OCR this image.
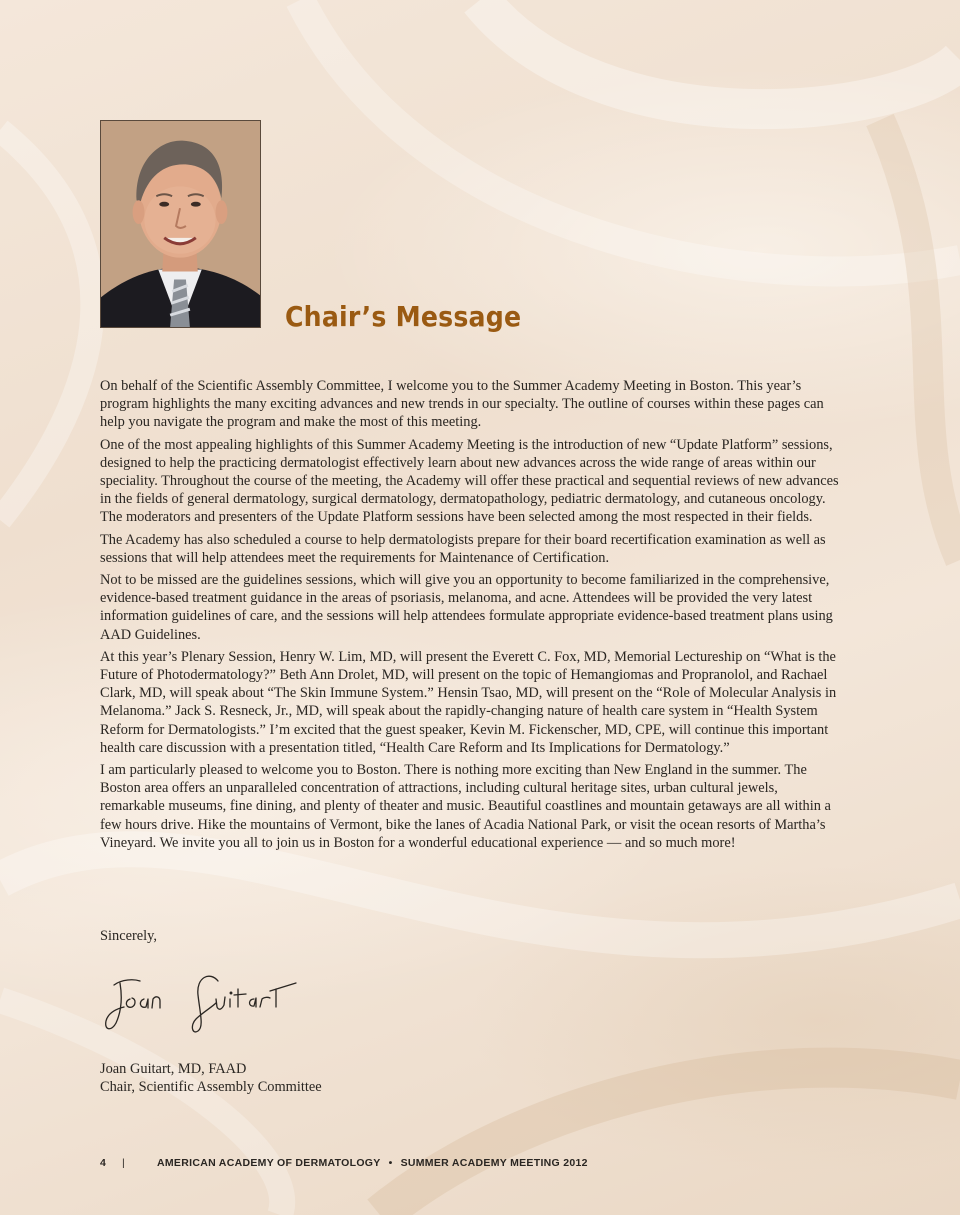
Chair’s Message

On behalf of the Scientific Assembly Committee, I welcome you to the Summer Academy Meeting in Boston. This year’s program highlights the many exciting advances and new trends in our specialty. The outline of courses within these pages can help you navigate the program and make the most of this meeting.

One of the most appealing highlights of this Summer Academy Meeting is the introduction of new “Update Platform” sessions, designed to help the practicing dermatologist effectively learn about new advances across the wide range of areas within our speciality. Throughout the course of the meeting, the Academy will offer these practical and sequential reviews of new advances in the fields of general dermatology, surgical dermatology, dermatopathology, pediatric dermatology, and cutaneous oncology. The moderators and presenters of the Update Platform sessions have been selected among the most respected in their fields.

The Academy has also scheduled a course to help dermatologists prepare for their board recertification examination as well as sessions that will help attendees meet the requirements for Maintenance of Certification.

Not to be missed are the guidelines sessions, which will give you an opportunity to become familiarized in the comprehensive, evidence-based treatment guidance in the areas of psoriasis, melanoma, and acne. Attendees will be provided the very latest information guidelines of care, and the sessions will help attendees formulate appropriate evidence-based treatment plans using AAD Guidelines.

At this year’s Plenary Session, Henry W. Lim, MD, will present the Everett C. Fox, MD, Memorial Lectureship on “What is the Future of Photodermatology?” Beth Ann Drolet, MD, will present on the topic of Hemangiomas and Propranolol, and Rachael Clark, MD, will speak about “The Skin Immune System.” Hensin Tsao, MD, will present on the “Role of Molecular Analysis in Melanoma.” Jack S. Resneck, Jr., MD, will speak about the rapidly-changing nature of health care system in “Health System Reform for Dermatologists.” I’m excited that the guest speaker, Kevin M. Fickenscher, MD, CPE, will continue this important health care discussion with a presentation titled, “Health Care Reform and Its Implications for Dermatology.”

I am particularly pleased to welcome you to Boston. There is nothing more exciting than New England in the summer. The Boston area offers an unparalleled concentration of attractions, including cultural heritage sites, urban cultural jewels, remarkable museums, fine dining, and plenty of theater and music. Beautiful coastlines and mountain getaways are all within a few hours drive. Hike the mountains of Vermont, bike the lanes of Acadia National Park, or visit the ocean resorts of Martha’s Vineyard. We invite you all to join us in Boston for a wonderful educational experience — and so much more!

Sincerely,
Joan Guitart, MD, FAAD
Chair, Scientific Assembly Committee
4	|	AMERICAN ACADEMY OF DERMATOLOGY • SUMMER ACADEMY MEETING 2012
